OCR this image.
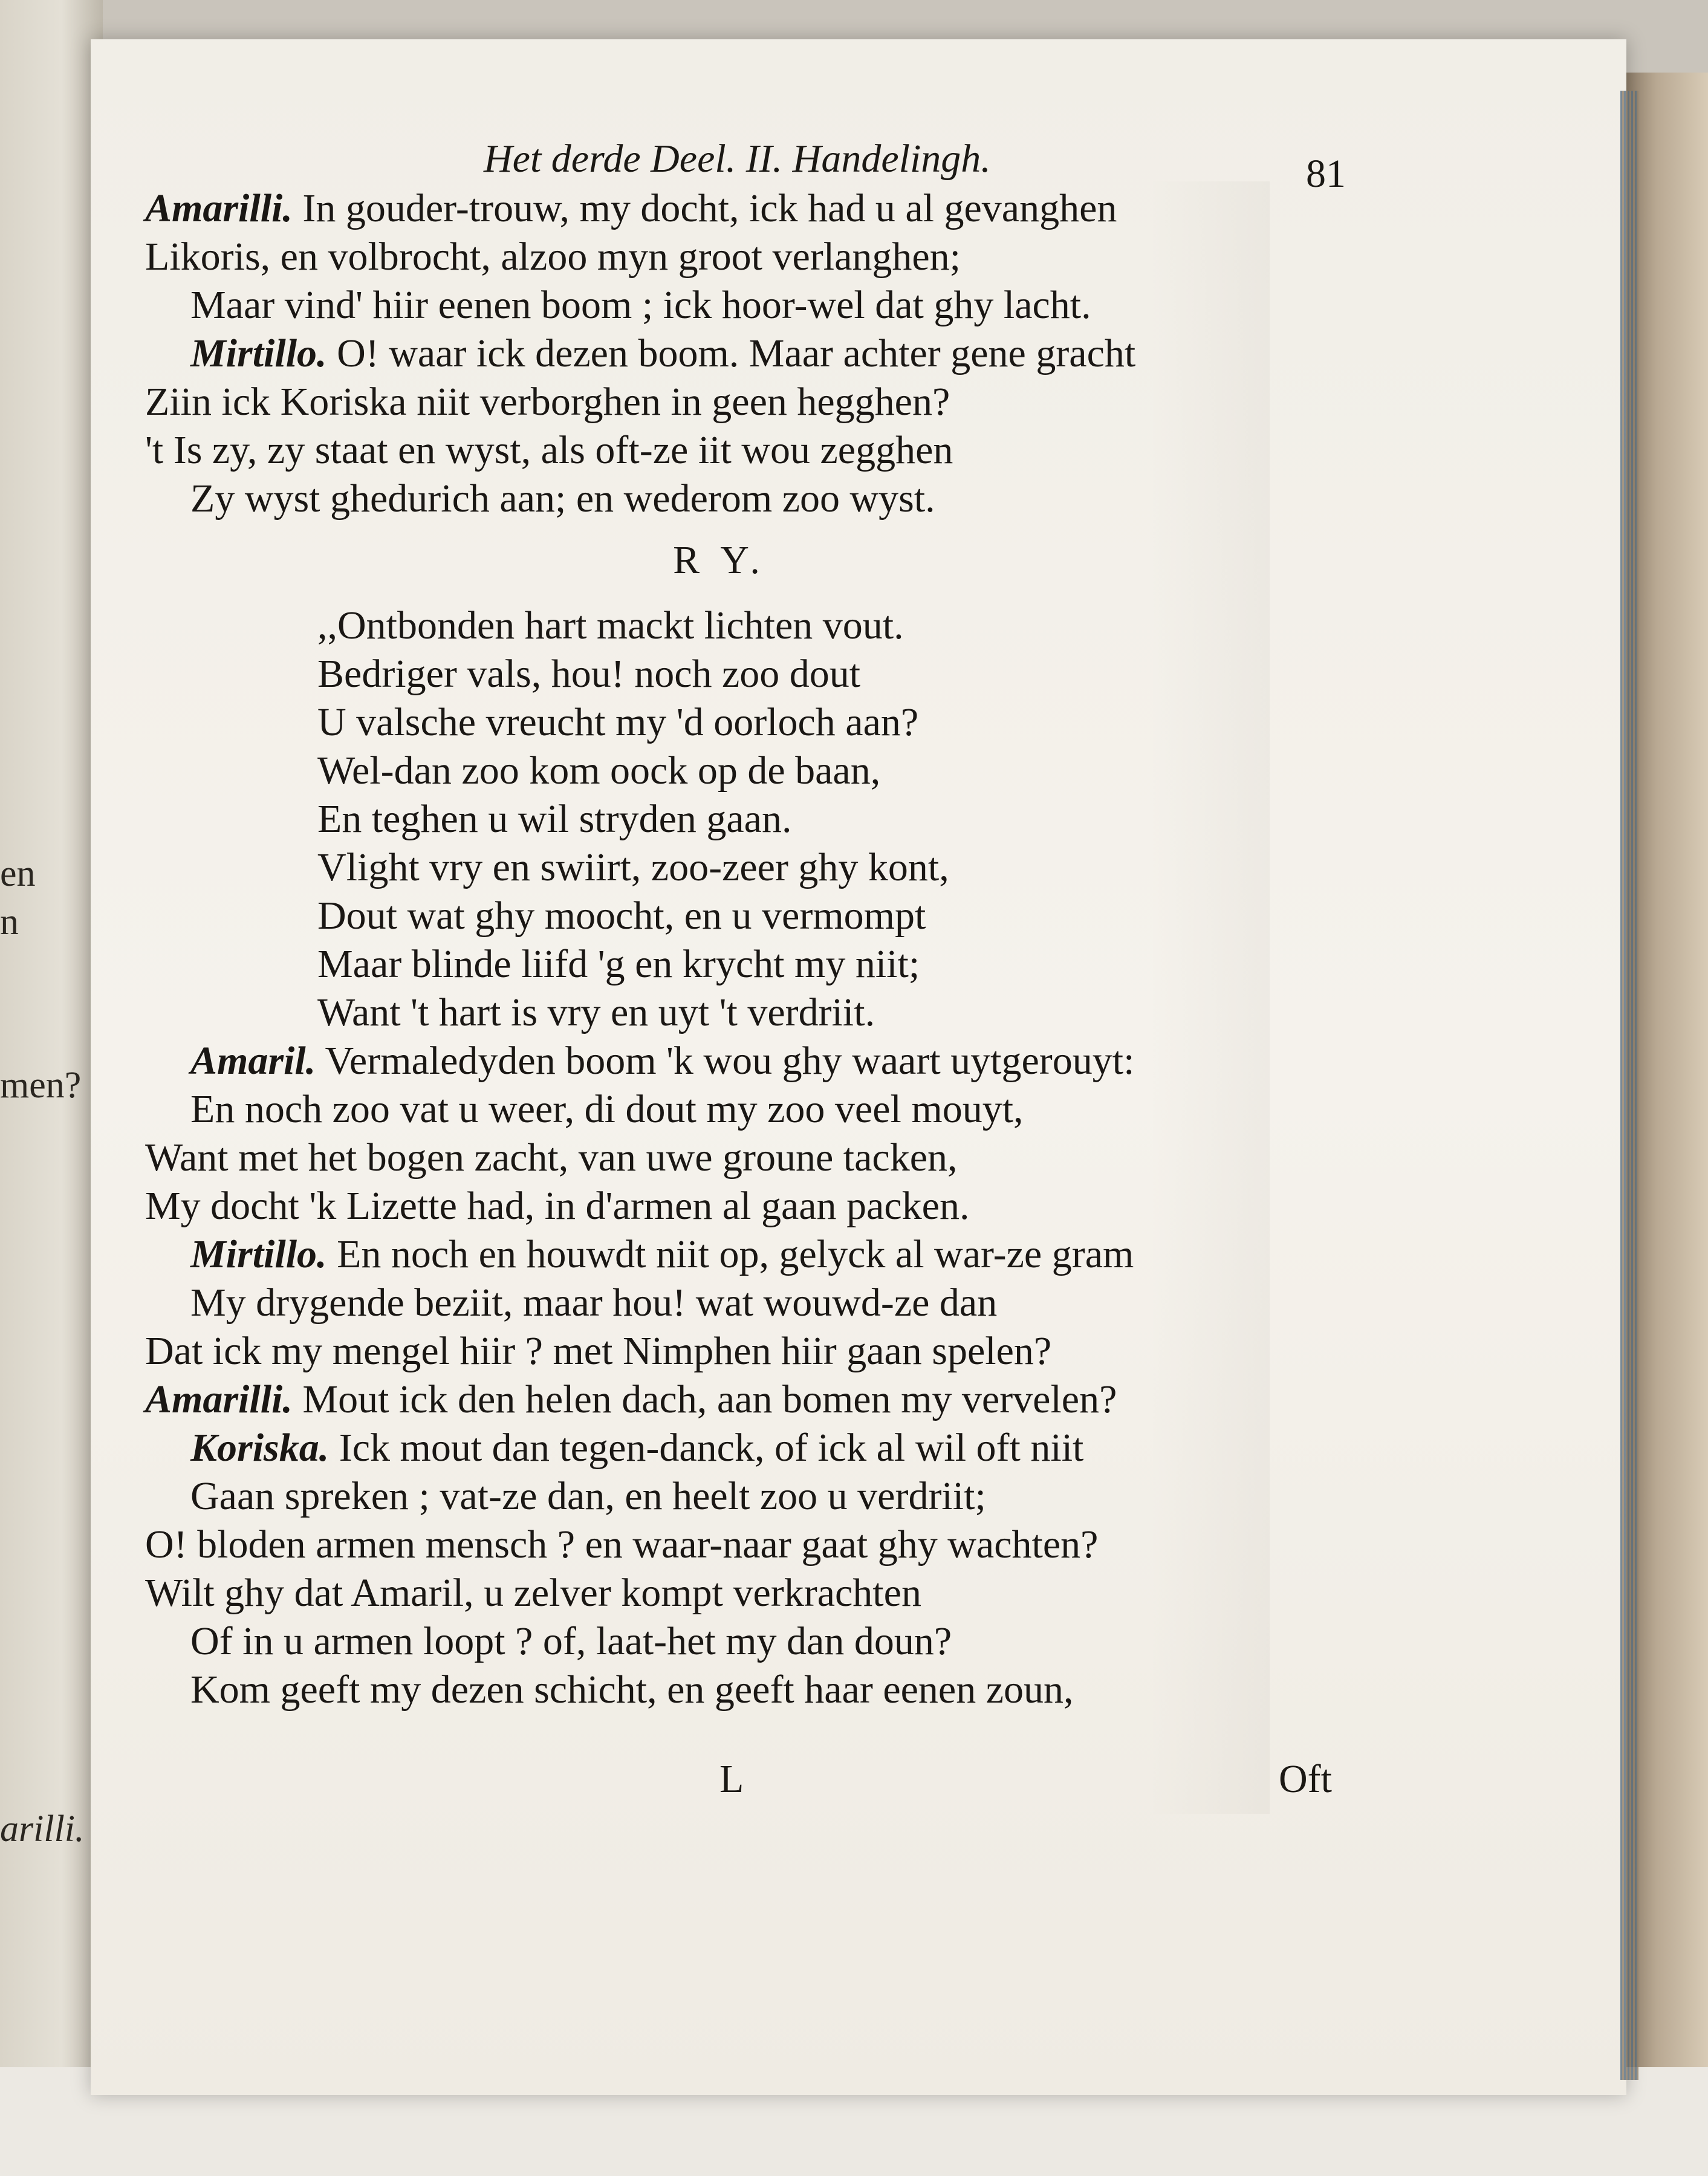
en
n
men?
arilli.
Het derde Deel. II. Handelingh.	81
Amarilli. In gouder-trouw, my docht, ick had u al gevanghen
Likoris, en volbrocht, alzoo myn groot verlanghen;
Maar vind' hiir eenen boom ; ick hoor-wel dat ghy lacht.
Mirtillo. O! waar ick dezen boom. Maar achter gene gracht
Ziin ick Koriska niit verborghen in geen hegghen?
't Is zy, zy staat en wyst, als oft-ze iit wou zegghen
Zy wyst ghedurich aan; en wederom zoo wyst.
R Y.
,,Ontbonden hart mackt lichten vout.
Bedriger vals, hou! noch zoo dout
U valsche vreucht my 'd oorloch aan?
Wel-dan zoo kom oock op de baan,
En teghen u wil stryden gaan.
Vlight vry en swiirt, zoo-zeer ghy kont,
Dout wat ghy moocht, en u vermompt
Maar blinde liifd 'g en krycht my niit;
Want 't hart is vry en uyt 't verdriit.
Amaril. Vermaledyden boom 'k wou ghy waart uytgerouyt:
En noch zoo vat u weer, di dout my zoo veel mouyt,
Want met het bogen zacht, van uwe groune tacken,
My docht 'k Lizette had, in d'armen al gaan packen.
Mirtillo. En noch en houwdt niit op, gelyck al war-ze gram
My drygende beziit, maar hou! wat wouwd-ze dan
Dat ick my mengel hiir ? met Nimphen hiir gaan spelen?
Amarilli. Mout ick den helen dach, aan bomen my vervelen?
Koriska. Ick mout dan tegen-danck, of ick al wil oft niit
Gaan spreken ; vat-ze dan, en heelt zoo u verdriit;
O! bloden armen mensch ? en waar-naar gaat ghy wachten?
Wilt ghy dat Amaril, u zelver kompt verkrachten
Of in u armen loopt ? of, laat-het my dan doun?
Kom geeft my dezen schicht, en geeft haar eenen zoun,
L	Oft
